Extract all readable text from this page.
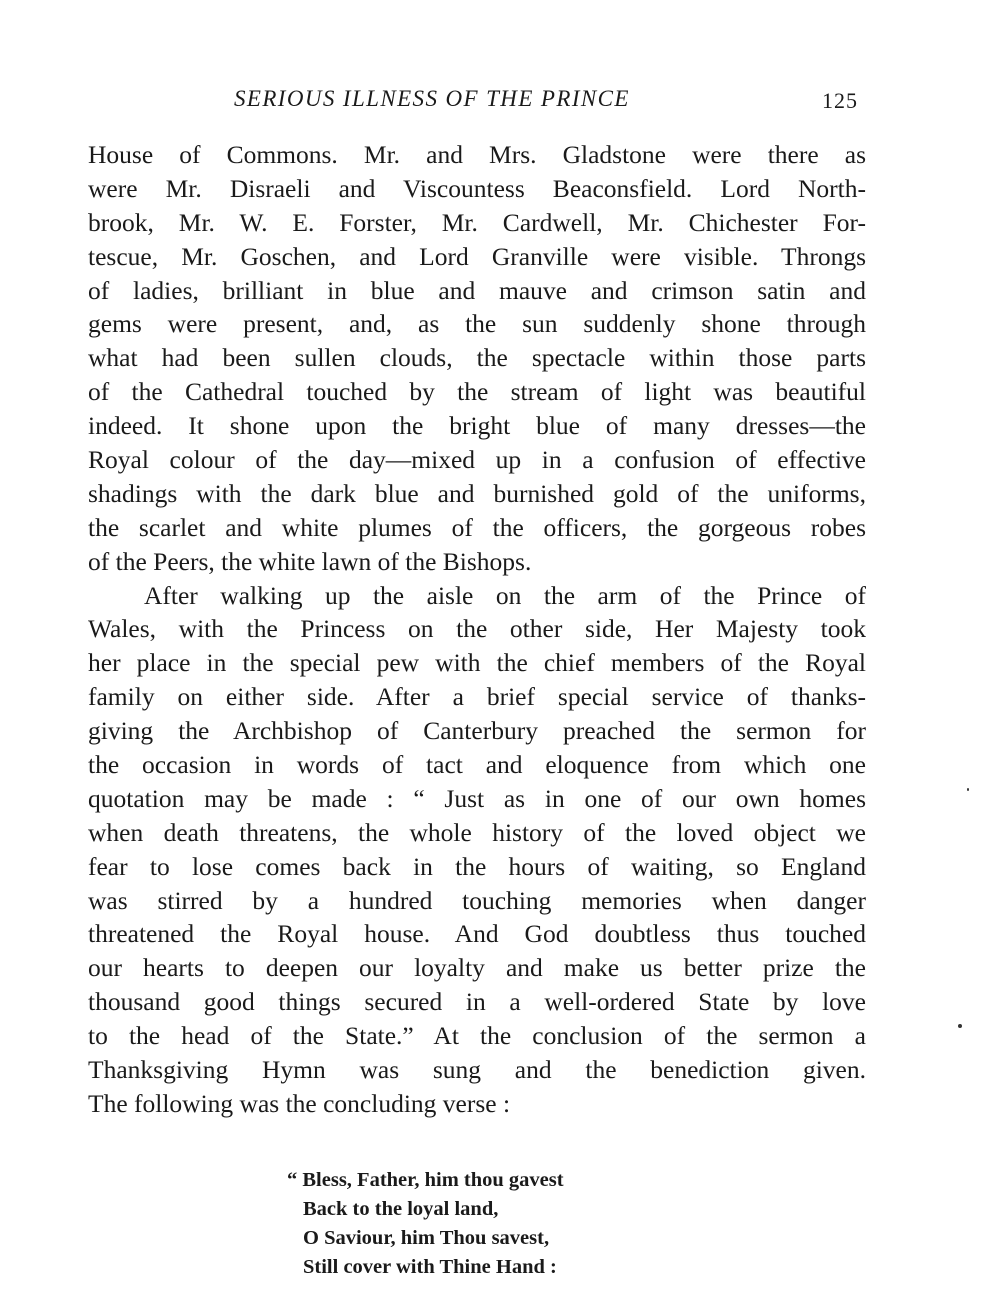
SERIOUS ILLNESS OF THE PRINCE	125
House of Commons. Mr. and Mrs. Gladstone were there as
were Mr. Disraeli and Viscountess Beaconsfield. Lord North-
brook, Mr. W. E. Forster, Mr. Cardwell, Mr. Chichester For-
tescue, Mr. Goschen, and Lord Granville were visible. Throngs
of ladies, brilliant in blue and mauve and crimson satin and
gems were present, and, as the sun suddenly shone through
what had been sullen clouds, the spectacle within those parts
of the Cathedral touched by the stream of light was beautiful
indeed. It shone upon the bright blue of many dresses—the
Royal colour of the day—mixed up in a confusion of effective
shadings with the dark blue and burnished gold of the uniforms,
the scarlet and white plumes of the officers, the gorgeous robes
of the Peers, the white lawn of the Bishops.
After walking up the aisle on the arm of the Prince of
Wales, with the Princess on the other side, Her Majesty took
her place in the special pew with the chief members of the Royal
family on either side. After a brief special service of thanks-
giving the Archbishop of Canterbury preached the sermon for
the occasion in words of tact and eloquence from which one
quotation may be made : “ Just as in one of our own homes
when death threatens, the whole history of the loved object we
fear to lose comes back in the hours of waiting, so England
was stirred by a hundred touching memories when danger
threatened the Royal house. And God doubtless thus touched
our hearts to deepen our loyalty and make us better prize the
thousand good things secured in a well-ordered State by love
to the head of the State.” At the conclusion of the sermon a
Thanksgiving Hymn was sung and the benediction given.
The following was the concluding verse :
“ Bless, Father, him thou gavest
Back to the loyal land,
O Saviour, him Thou savest,
Still cover with Thine Hand :
